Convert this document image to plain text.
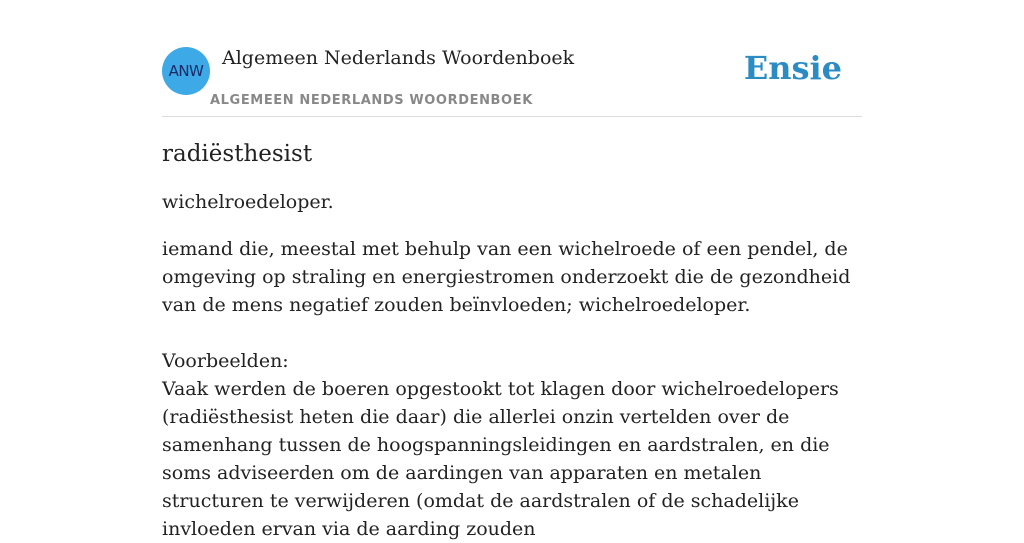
ANW
Algemeen Nederlands Woordenboek
ALGEMEEN NEDERLANDS WOORDENBOEK
Ensie
radiësthesist

wichelroedeloper.

iemand die, meestal met behulp van een wichelroede of een pendel, de omgeving op straling en energiestromen onderzoekt die de gezondheid van de mens negatief zouden beïnvloeden; wichelroedeloper.

Voorbeelden:
Vaak werden de boeren opgestookt tot klagen door wichelroedelopers (radiësthesist heten die daar) die allerlei onzin vertelden over de samenhang tussen de hoogspanningsleidingen en aardstralen, en die soms adviseerden om de aardingen van apparaten en metalen structuren te verwijderen (omdat de aardstralen of de schadelijke invloeden ervan via de aarding zouden
